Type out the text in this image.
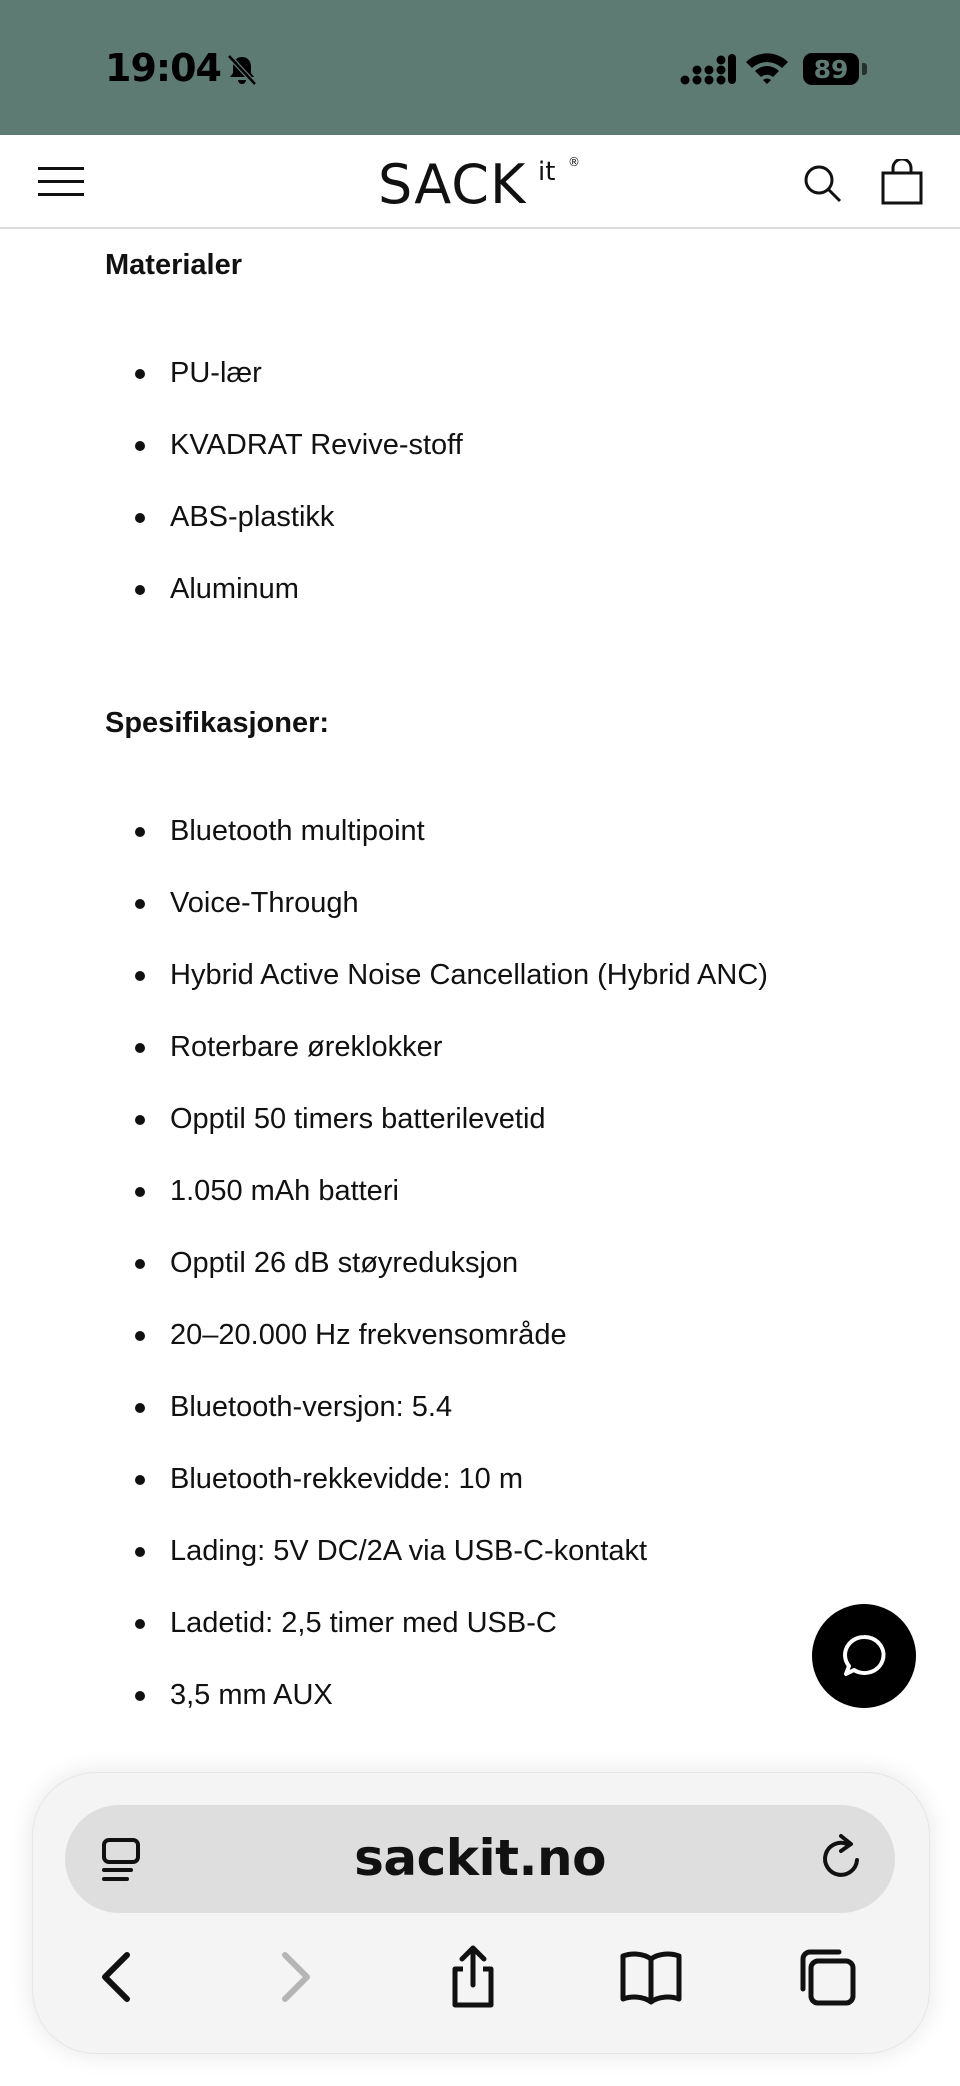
19:04	89
SACK it ®
Materialer
PU-lær
KVADRAT Revive-stoff
ABS-plastikk
Aluminum
Spesifikasjoner:
Bluetooth multipoint
Voice-Through
Hybrid Active Noise Cancellation (Hybrid ANC)
Roterbare øreklokker
Opptil 50 timers batterilevetid
1.050 mAh batteri
Opptil 26 dB støyreduksjon
20–20.000 Hz frekvensområde
Bluetooth-versjon: 5.4
Bluetooth-rekkevidde: 10 m
Lading: 5V DC/2A via USB-C-kontakt
Ladetid: 2,5 timer med USB-C
3,5 mm AUX
sackit.no
